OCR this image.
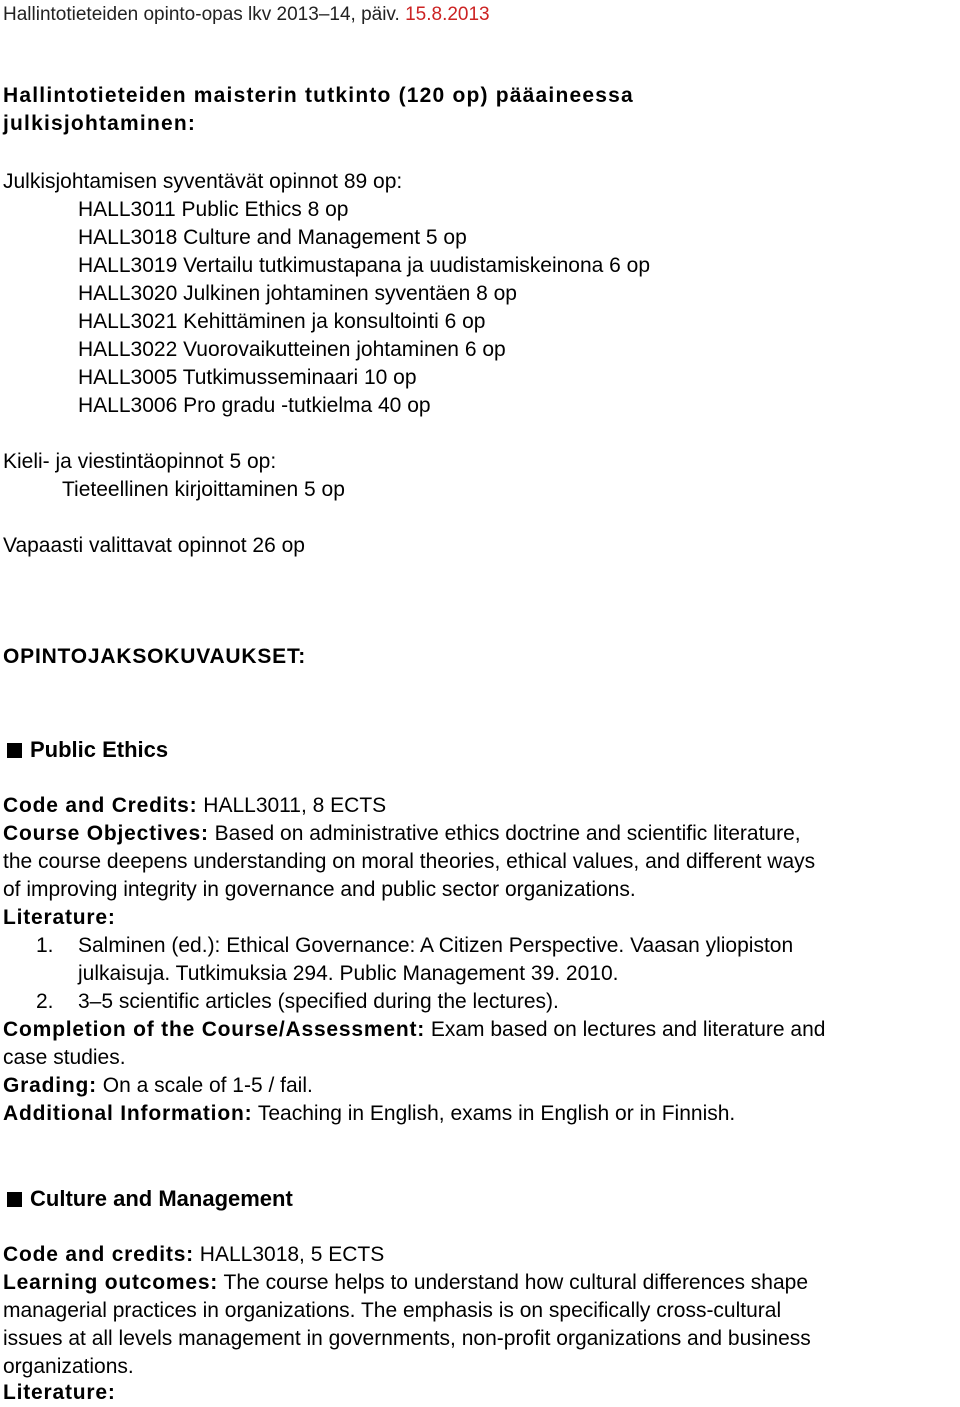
Hallintotieteiden opinto-opas lkv 2013–14, päiv. 15.8.2013
Hallintotieteiden maisterin tutkinto (120 op) pääaineessa
julkisjohtaminen:
Julkisjohtamisen syventävät opinnot 89 op:
HALL3011 Public Ethics 8 op
HALL3018 Culture and Management 5 op
HALL3019 Vertailu tutkimustapana ja uudistamiskeinona 6 op
HALL3020 Julkinen johtaminen syventäen 8 op
HALL3021 Kehittäminen ja konsultointi 6 op
HALL3022 Vuorovaikutteinen johtaminen 6 op
HALL3005 Tutkimusseminaari 10 op
HALL3006 Pro gradu -tutkielma 40 op
Kieli- ja viestintäopinnot 5 op:
Tieteellinen kirjoittaminen 5 op
Vapaasti valittavat opinnot 26 op
OPINTOJAKSOKUVAUKSET:
Public Ethics
Code and Credits: HALL3011, 8 ECTS
Course Objectives: Based on administrative ethics doctrine and scientific literature,
the course deepens understanding on moral theories, ethical values, and different ways
of improving integrity in governance and public sector organizations.
Literature:
1. Salminen (ed.): Ethical Governance: A Citizen Perspective. Vaasan yliopiston
julkaisuja. Tutkimuksia 294. Public Management 39. 2010.
2. 3–5 scientific articles (specified during the lectures).
Completion of the Course/Assessment: Exam based on lectures and literature and
case studies.
Grading: On a scale of 1-5 / fail.
Additional Information: Teaching in English, exams in English or in Finnish.
Culture and Management
Code and credits: HALL3018, 5 ECTS
Learning outcomes: The course helps to understand how cultural differences shape
managerial practices in organizations. The emphasis is on specifically cross-cultural
issues at all levels management in governments, non-profit organizations and business
organizations.
Literature:
